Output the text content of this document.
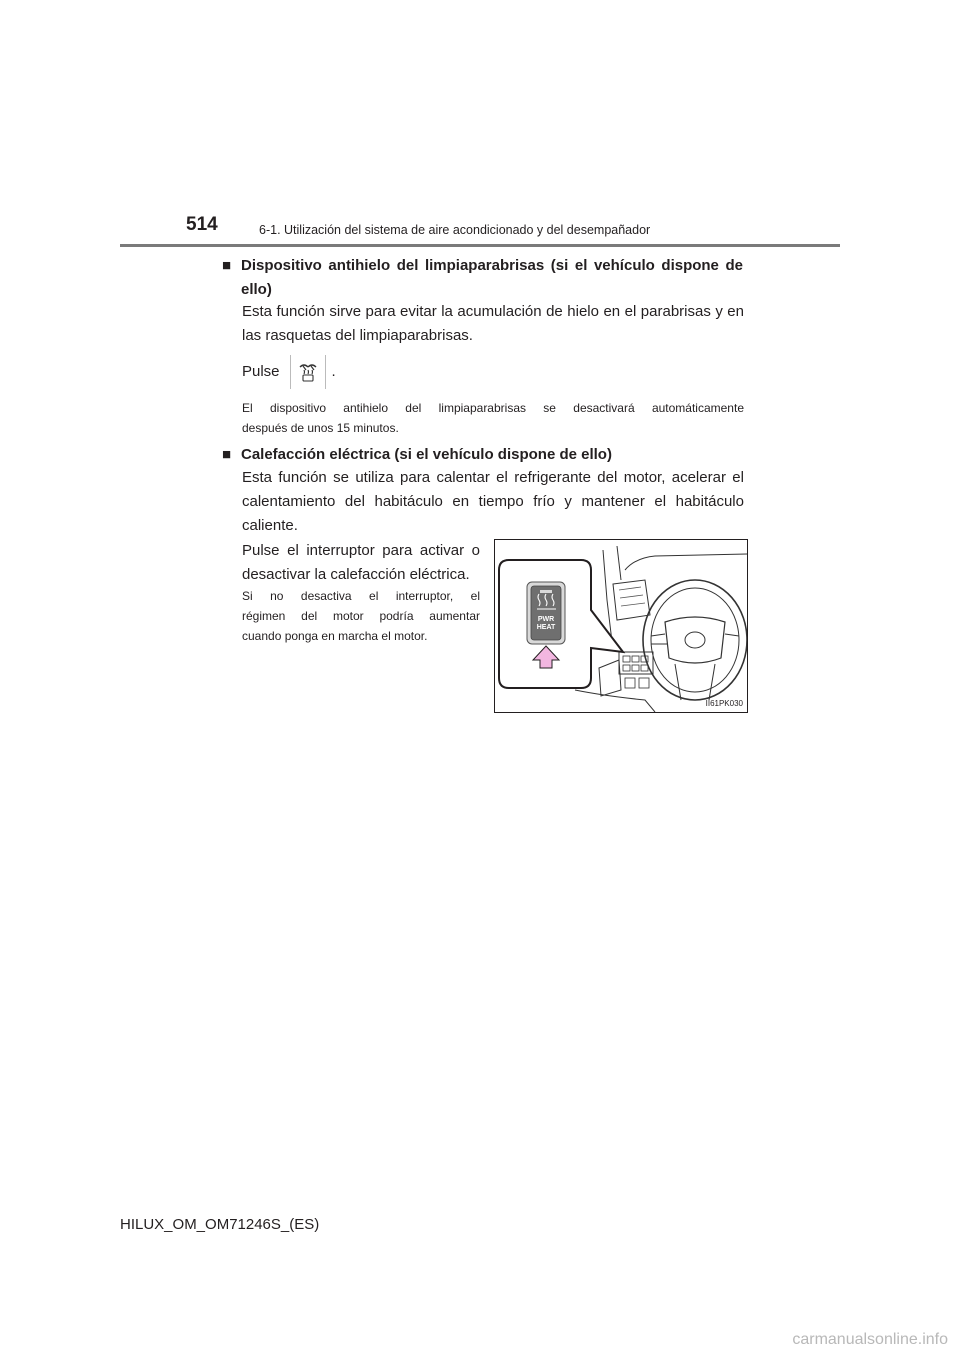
514	6-1. Utilización del sistema de aire acondicionado y del desempañador
■ Dispositivo antihielo del limpiaparabrisas (si el vehículo dispone de
ello)
Esta función sirve para evitar la acumulación de hielo en el parabrisas y en
las rasquetas del limpiaparabrisas.
Pulse	.
El dispositivo antihielo del limpiaparabrisas se desactivará automáticamente
después de unos 15 minutos.
■ Calefacción eléctrica (si el vehículo dispone de ello)
Esta función se utiliza para calentar el refrigerante del motor, acelerar el
calentamiento del habitáculo en tiempo frío y mantener el habitáculo
caliente.
Pulse el interruptor para activar o
desactivar la calefacción eléctrica.
Si no desactiva el interruptor, el
régimen del motor podría aumentar
cuando ponga en marcha el motor.
PWR
HEAT
II61PK030
HILUX_OM_OM71246S_(ES)
carmanualsonline.info
